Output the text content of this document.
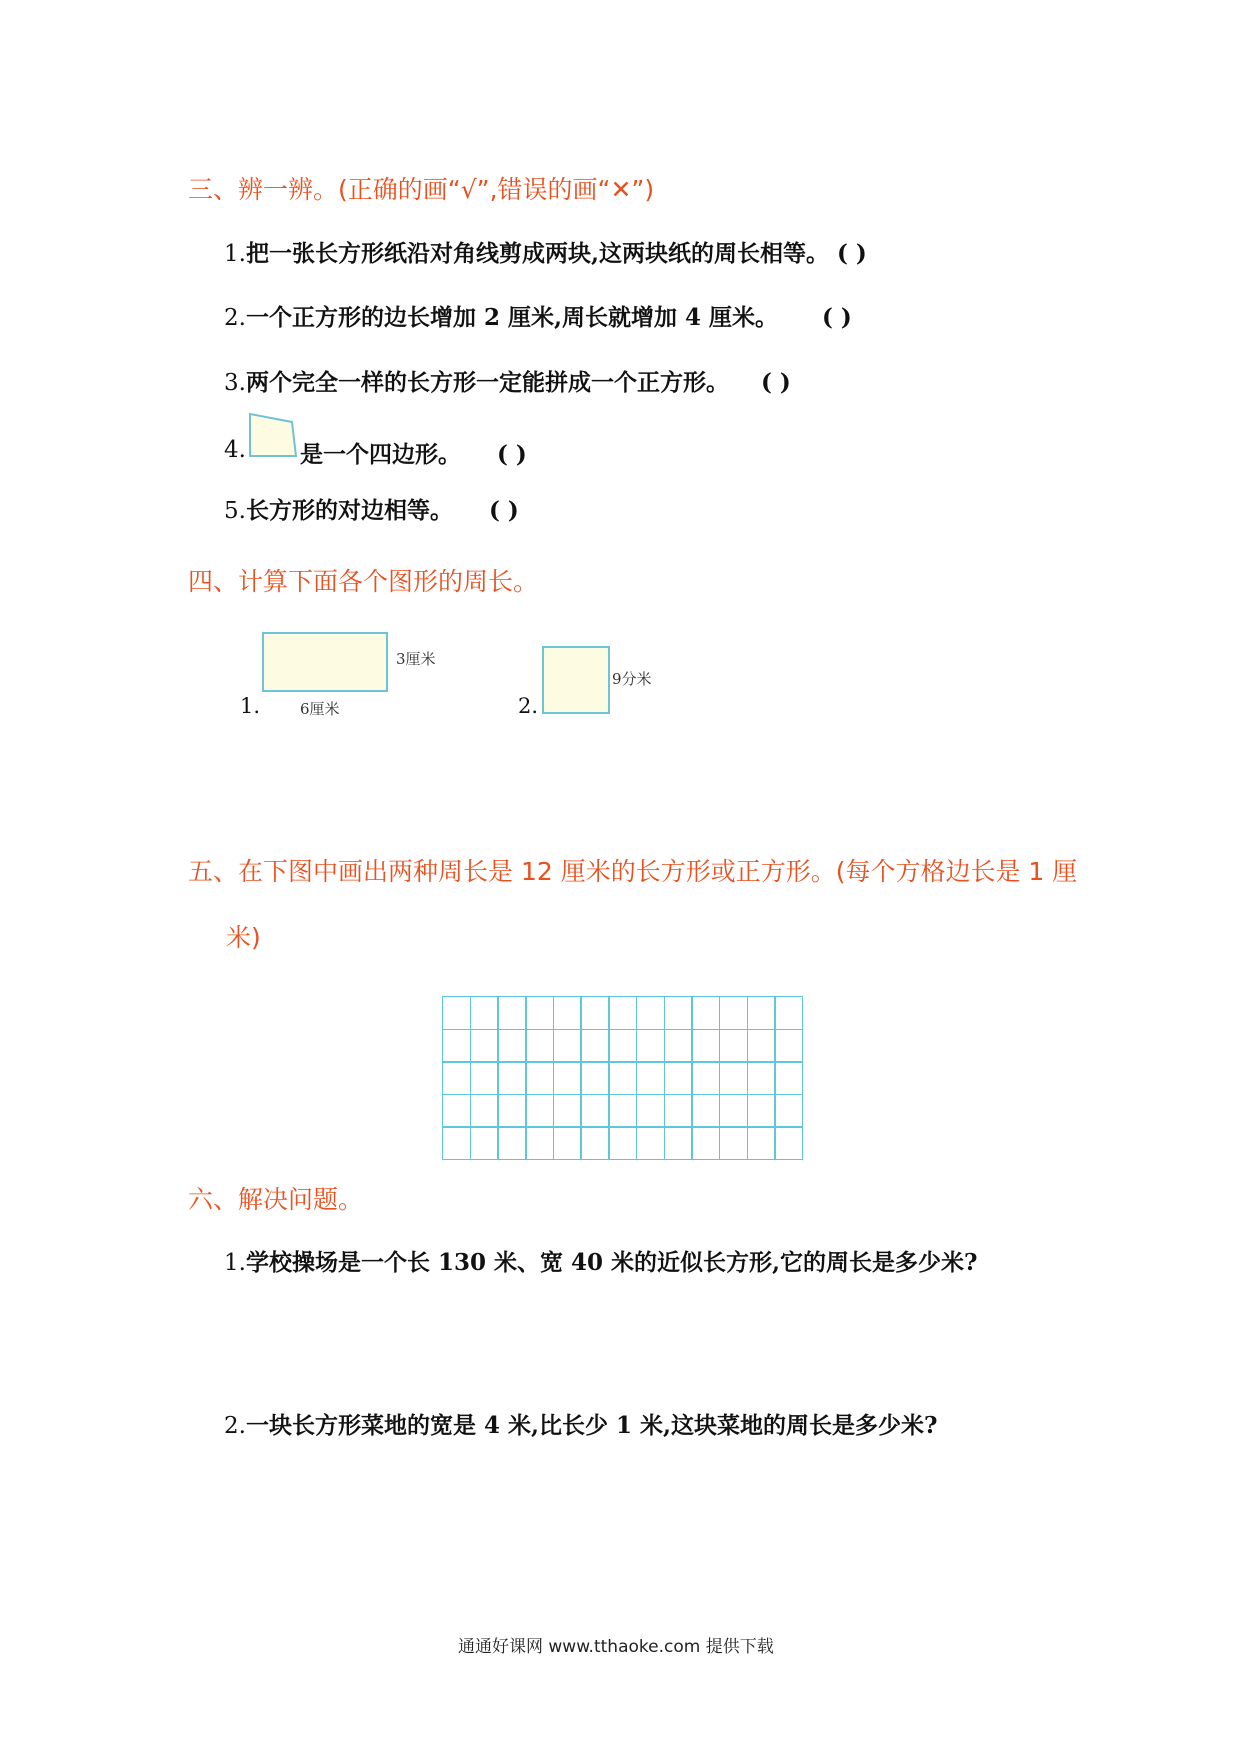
三、辨一辨。(正确的画“√”,错误的画“✕”)
1.把一张长方形纸沿对角线剪成两块,这两块纸的周长相等。 ( )
2.一个正方形的边长增加 2 厘米,周长就增加 4 厘米。 ( )
3.两个完全一样的长方形一定能拼成一个正方形。 ( )
4. 是一个四边形。 ( )
5.长方形的对边相等。 ( )
四、计算下面各个图形的周长。
3厘米
6厘米
1.
9分米
2.
五、在下图中画出两种周长是 12 厘米的长方形或正方形。(每个方格边长是 1 厘
米)
六、解决问题。
1.学校操场是一个长 130 米、宽 40 米的近似长方形,它的周长是多少米?
2.一块长方形菜地的宽是 4 米,比长少 1 米,这块菜地的周长是多少米?
通通好课网 www.tthaoke.com 提供下载
